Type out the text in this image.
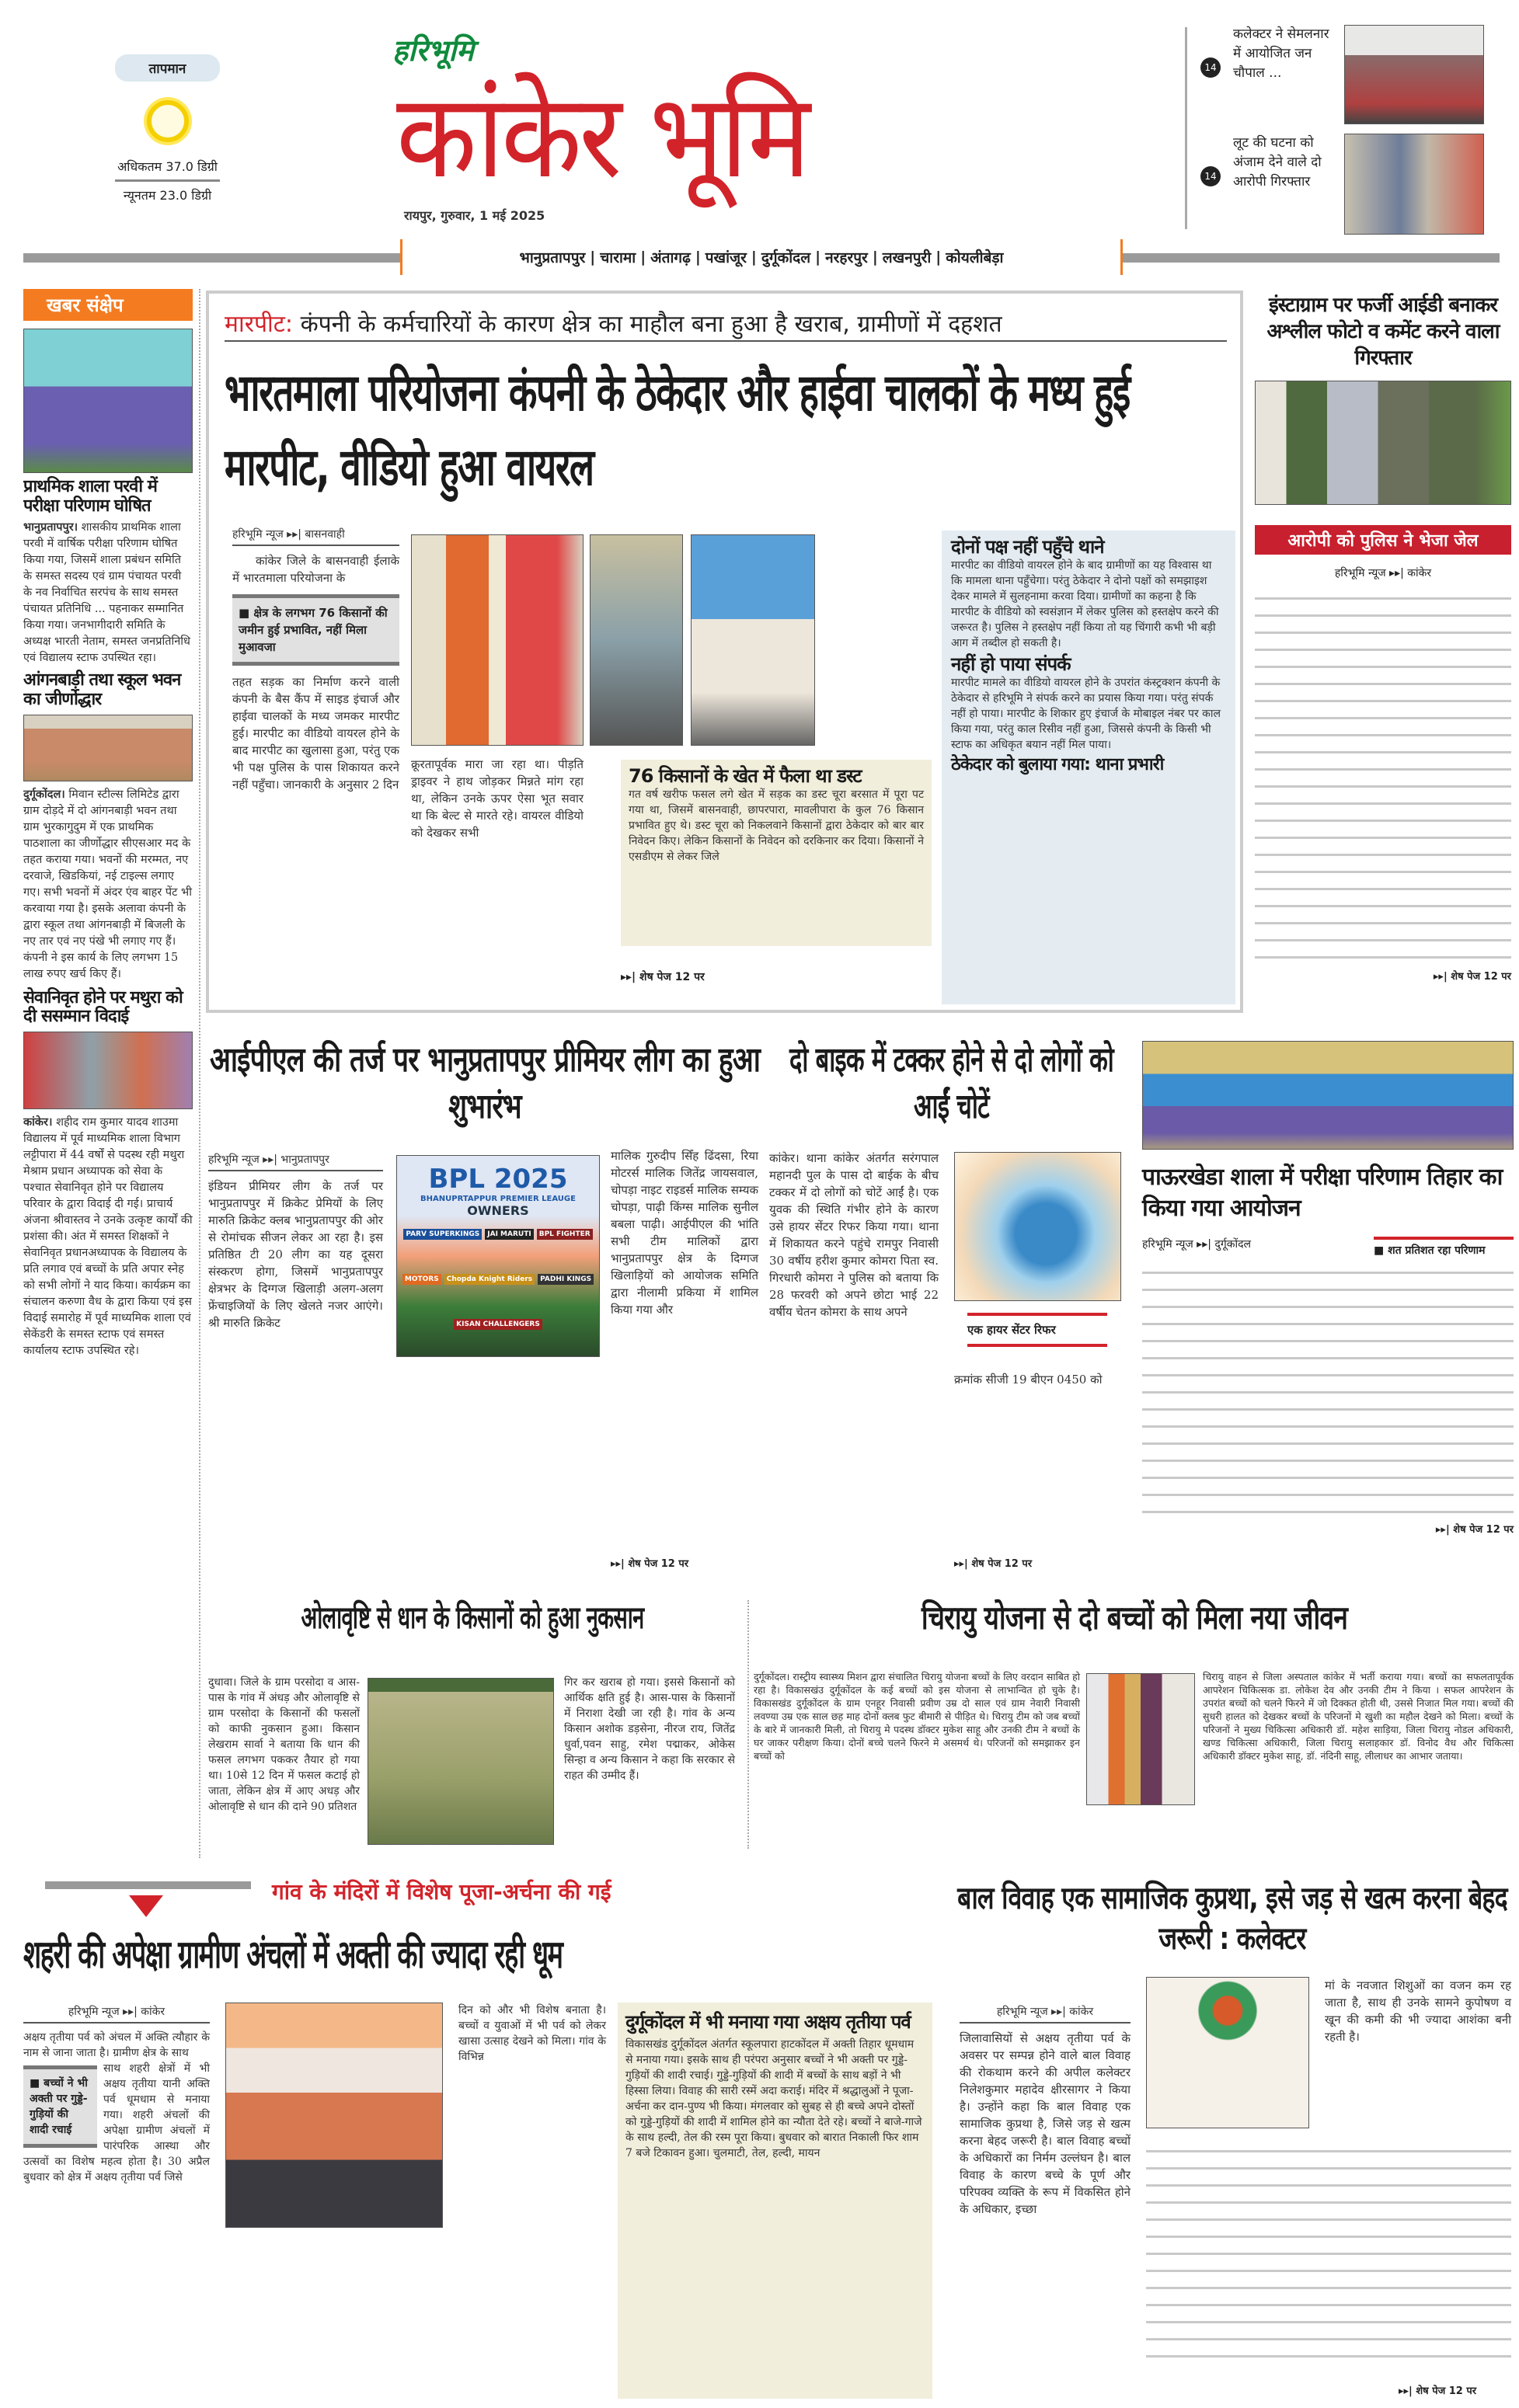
तापमान
अधिकतम 37.0 डिग्री
न्यूनतम 23.0 डिग्री
हरिभूमि
कांकेर भूमि
रायपुर, गुरुवार, 1 मई 2025
14
कलेक्टर ने सेमलनार में आयोजित जन चौपाल ...
14
लूट की घटना को अंजाम देने वाले दो आरोपी गिरफ्तार
भानुप्रतापपुर | चारामा | अंतागढ़ | पखांजूर | दुर्गूकोंदल | नरहरपुर | लखनपुरी | कोयलीबेड़ा
खबर संक्षेप
प्राथमिक शाला परवी में परीक्षा परिणाम घोषित
भानुप्रतापपुर। शासकीय प्राथमिक शाला परवी में वार्षिक परीक्षा परिणाम घोषित किया गया, जिसमें शाला प्रबंधन समिति के समस्त सदस्य एवं ग्राम पंचायत परवी के नव निर्वाचित सरपंच के साथ समस्त पंचायत प्रतिनिधि ... पहनाकर सम्मानित किया गया। जनभागीदारी समिति के अध्यक्ष भारती नेताम, समस्त जनप्रतिनिधि एवं विद्यालय स्टाफ उपस्थित रहा।
आंगनबाड़ी तथा स्कूल भवन का जीर्णोद्धार
दुर्गूकोंदल। मिवान स्टील्स लिमिटेड द्वारा ग्राम दोड़दे में दो आंगनबाड़ी भवन तथा ग्राम भुरकागुदुम में एक प्राथमिक पाठशाला का जीर्णोद्धार सीएसआर मद के तहत कराया गया। भवनों की मरम्मत, नए दरवाजे, खिडकियां, नई टाइल्स लगाए गए। सभी भवनों में अंदर एंव बाहर पेंट भी करवाया गया है। इसके अलावा कंपनी के द्वारा स्कूल तथा आंगनबाड़ी में बिजली के नए तार एवं नए पंखे भी लगाए गए हैं। कंपनी ने इस कार्य के लिए लगभग 15 लाख रुपए खर्च किए हैं।
सेवानिवृत होने पर मथुरा को दी ससम्मान विदाई
कांकेर। शहीद राम कुमार यादव शाउमा विद्यालय में पूर्व माध्यमिक शाला विभाग लट्टीपारा में 44 वर्षों से पदस्थ रही मथुरा मेश्राम प्रधान अध्यापक को सेवा के पश्चात सेवानिवृत होने पर विद्यालय परिवार के द्वारा विदाई दी गई। प्राचार्य अंजना श्रीवास्तव ने उनके उत्कृष्ट कार्यों की प्रशंसा की। अंत में समस्त शिक्षकों ने सेवानिवृत प्रधानअध्यापक के विद्यालय के प्रति लगाव एवं बच्चों के प्रति अपार स्नेह को सभी लोगों ने याद किया। कार्यक्रम का संचालन करुणा वैध के द्वारा किया एवं इस विदाई समारोह में पूर्व माध्यमिक शाला एवं सेकेंडरी के समस्त स्टाफ एवं समस्त कार्यालय स्टाफ उपस्थित रहे।
मारपीट: कंपनी के कर्मचारियों के कारण क्षेत्र का माहौल बना हुआ है खराब, ग्रामीणों में दहशत
भारतमाला परियोजना कंपनी के ठेकेदार और हाईवा चालकों के मध्य हुई मारपीट, वीडियो हुआ वायरल
हरिभूमि न्यूज ▸▸| बासनवाही
कांकेर जिले के बासनवाही ईलाके में भारतमाला परियोजना के
■ क्षेत्र के लगभग 76 किसानों की जमीन हुई प्रभावित, नहीं मिला मुआवजा
तहत सड़क का निर्माण करने वाली कंपनी के बैस कैंप में साइड इंचार्ज और हाईवा चालकों के मध्य जमकर मारपीट हुई। मारपीट का वीडियो वायरल होने के बाद मारपीट का खुलासा हुआ, परंतु एक भी पक्ष पुलिस के पास शिकायत करने नहीं पहुँचा। जानकारी के अनुसार 2 दिन
क्रूरतापूर्वक मारा जा रहा था। पीड़ति ड्राइवर ने हाथ जोड़कर मिन्नते मांग रहा था, लेकिन उनके ऊपर ऐसा भूत सवार था कि बेल्ट से मारते रहे। वायरल वीडियो को देखकर सभी
76 किसानों के खेत में फैला था डस्ट
गत वर्ष खरीफ फसल लगे खेत में सड़क का डस्ट चूरा बरसात में पूरा पट गया था, जिसमें बासनवाही, छापरपारा, मावलीपारा के कुल 76 किसान प्रभावित हुए थे। डस्ट चूरा को निकलवाने किसानों द्वारा ठेकेदार को बार बार निवेदन किए। लेकिन किसानों के निवेदन को दरकिनार कर दिया। किसानों ने एसडीएम से लेकर जिले
▸▸| शेष पेज 12 पर
दोनों पक्ष नहीं पहुँचे थाने
मारपीट का वीडियो वायरल होने के बाद ग्रामीणों का यह विश्वास था कि मामला थाना पहुँचेगा। परंतु ठेकेदार ने दोनो पक्षों को समझाइश देकर मामले में सुलहनामा करवा दिया। ग्रामीणों का कहना है कि मारपीट के वीडियो को स्वसंज्ञान में लेकर पुलिस को हस्तक्षेप करने की जरूरत है। पुलिस ने हस्तक्षेप नहीं किया तो यह चिंगारी कभी भी बड़ी आग में तब्दील हो सकती है।
नहीं हो पाया संपर्क
मारपीट मामले का वीडियो वायरल होने के उपरांत कंस्ट्रक्शन कंपनी के ठेकेदार से हरिभूमि ने संपर्क करने का प्रयास किया गया। परंतु संपर्क नहीं हो पाया। मारपीट के शिकार हुए इंचार्ज के मोबाइल नंबर पर काल किया गया, परंतु काल रिसीव नहीं हुआ, जिससे कंपनी के किसी भी स्टाफ का अधिकृत बयान नहीं मिल पाया।
ठेकेदार को बुलाया गया: थाना प्रभारी
इंस्टाग्राम पर फर्जी आईडी बनाकर अश्लील फोटो व कमेंट करने वाला गिरफ्तार
आरोपी को पुलिस ने भेजा जेल
हरिभूमि न्यूज ▸▸| कांकेर
▸▸| शेष पेज 12 पर
आईपीएल की तर्ज पर भानुप्रतापपुर प्रीमियर लीग का हुआ शुभारंभ
हरिभूमि न्यूज ▸▸| भानुप्रतापपुर
इंडियन प्रीमियर लीग के तर्ज पर भानुप्रतापपुर में क्रिकेट प्रेमियों के लिए मारुति क्रिकेट क्लब भानुप्रतापपुर की ओर से रोमांचक सीजन लेकर आ रहा है। इस प्रतिष्ठित टी 20 लीग का यह दूसरा संस्करण होगा, जिसमें भानुप्रतापपुर क्षेत्रभर के दिग्गज खिलाड़ी अलग-अलग फ्रेंचाइजियों के लिए खेलते नजर आएंगे। श्री मारुति क्रिकेट
BPL 2025
BHANUPRTAPPUR PREMIER LEAUGE
OWNERS
PARV SUPERKINGS	JAI MARUTI	BPL FIGHTER
MOTORS	Chopda Knight Riders	PADHI KINGS
KISAN CHALLENGERS
मालिक गुरुदीप सिँह ढिंदसा, रिया मोटरर्स मालिक जितेंद्र जायसवाल, चोपड़ा नाइट राइडर्स मालिक सम्यक चोपड़ा, पाढ़ी किंग्स मालिक सुनील बबला पाढ़ी। आईपीएल की भांति सभी टीम मालिकों द्वारा भानुप्रतापपुर क्षेत्र के दिग्गज खिलाड़ियों को आयोजक समिति द्वारा नीलामी प्रकिया में शामिल किया गया और
▸▸| शेष पेज 12 पर
दो बाइक में टक्कर होने से दो लोगों को आईं चोटें
कांकेर। थाना कांकेर अंतर्गत सरंगपाल महानदी पुल के पास दो बाईक के बीच टक्कर में दो लोगों को चोटें आईं है। एक युवक की स्थिति गंभीर होने के कारण उसे हायर सेंटर रिफर किया गया। थाना में शिकायत करने पहुंचे रामपुर निवासी 30 वर्षीय हरीश कुमार कोमरा पिता स्व. गिरधारी कोमरा ने पुलिस को बताया कि 28 फरवरी को अपने छोटा भाई 22 वर्षीय चेतन कोमरा के साथ अपने
एक हायर सेंटर रिफर
क्रमांक सीजी 19 बीएन 0450 को
▸▸| शेष पेज 12 पर
पाऊरखेडा शाला में परीक्षा परिणाम तिहार का किया गया आयोजन
हरिभूमि न्यूज ▸▸| दुर्गूकोंदल	■ शत प्रतिशत रहा परिणाम
▸▸| शेष पेज 12 पर
ओलावृष्टि से धान के किसानों को हुआ नुकसान
दुधावा। जिले के ग्राम परसोदा व आस-पास के गांव में अंधड़ और ओलावृष्टि से ग्राम परसोदा के किसानों की फसलों को काफी नुकसान हुआ। किसान लेखराम सार्वा ने बताया कि धान की फसल लगभग पककर तैयार हो गया था। 10से 12 दिन में फसल कटाई हो जाता, लेकिन क्षेत्र में आए अधड़ और ओलावृष्टि से धान की दाने 90 प्रतिशत
गिर कर खराब हो गया। इससे किसानों को आर्थिक क्षति हुई है। आस-पास के किसानों में निराशा देखी जा रही है। गांव के अन्य किसान अशोक डड़सेना, नीरज राय, जितेंद्र धुर्वा,पवन साहु, रमेश पद्माकर, ओकेस सिन्हा व अन्य किसान ने कहा कि सरकार से राहत की उम्मीद हैं।
चिरायु योजना से दो बच्चों को मिला नया जीवन
दुर्गूकोंदल। रास्ट्रीय स्वास्थ्य मिशन द्वारा संचालित चिरायु योजना बच्चों के लिए वरदान साबित हो रहा है। विकासखंउ दुर्गूकोंदल के कई बच्चों को इस योजना से लाभान्वित हो चुके है। विकासखंड दुर्गूकोंदल के ग्राम एनहूर निवासी प्रवीण उम्र दो साल एवं ग्राम नेवारी निवासी लवण्या उम्र एक साल छह माह दोनों क्लब फुट बीमारी से पीड़ित थे। चिरायु टीम को जब बच्चों के बारे में जानकारी मिली, तो चिरायु मे पदस्थ डॉक्टर मुकेश साहू और उनकी टीम ने बच्चों के घर जाकर परीक्षण किया। दोनों बच्चे चलने फिरने मे असमर्थ थे। परिजनों को समझाकर इन बच्चों को
चिरायु वाहन से जिला अस्पताल कांकेर में भर्ती कराया गया। बच्चों का सफलतापूर्वक आपरेशन चिकित्सक डा. लोकेश देव और उनकी टीम ने किया । सफल आपरेशन के उपरांत बच्चों को चलने फिरने में जो दिक्कत होती थी, उससे निजात मिल गया। बच्चों की सुधरी हालत को देखकर बच्चों के परिजनों मे खुशी का महौल देखने को मिला। बच्चों के परिजनों ने मुख्य चिकित्सा अधिकारी डॉ. महेश साड़िया, जिला चिरायु नोडल अधिकारी, खण्ड चिकित्सा अधिकारी, जिला चिरायु सलाहकार डॉ. विनोद वैध और चिकित्सा अधिकारी डॉक्टर मुकेश साहू, डॉ. नंदिनी साहू, लीलाधर का आभार जताया।
गांव के मंदिरों में विशेष पूजा-अर्चना की गई
शहरी की अपेक्षा ग्रामीण अंचलों में अक्ती की ज्यादा रही धूम
हरिभूमि न्यूज ▸▸| कांकेर
अक्षय तृतीया पर्व को अंचल में अक्ति त्यौहार के नाम से जाना जाता है। ग्रामीण क्षेत्र के साथ
■ बच्चों ने भी अक्ती पर गुड्डे-गुड़ियों की शादी रचाई
साथ शहरी क्षेत्रों में भी अक्षय तृतीया यानी अक्ति पर्व धूमधाम से मनाया गया। शहरी अंचलों की अपेक्षा ग्रामीण अंचलों में पारंपरिक आस्था और उत्सवों का विशेष महत्व होता है। 30 अप्रैल बुधवार को क्षेत्र में अक्षय तृतीया पर्व जिसे
दिन को और भी विशेष बनाता है। बच्चों व युवाओं में भी पर्व को लेकर खासा उत्साह देखने को मिला। गांव के विभिन्न
दुर्गूकोंदल में भी मनाया गया अक्षय तृतीया पर्व
विकासखंड दुर्गूकोंदल अंतर्गत स्कूलपारा हाटकोंदल में अक्ती तिहार धूमधाम से मनाया गया। इसके साथ ही परंपरा अनुसार बच्चों ने भी अक्ती पर गुड्डे-गुड़ियों की शादी रचाई। गुड्डे-गुड़ियों की शादी में बच्चों के साथ बड़ों ने भी हिस्सा लिया। विवाह की सारी रस्में अदा कराई। मंदिर में श्रद्धालुओं ने पूजा-अर्चना कर दान-पुण्य भी किया। मंगलवार को सुबह से ही बच्चे अपने दोस्तों को गुड्डे-गुड़ियों की शादी में शामिल होने का न्यौता देते रहे। बच्चों ने बाजे-गाजे के साथ हल्दी, तेल की रस्म पूरा किया। बुधवार को बारात निकाली फिर शाम 7 बजे टिकावन हुआ। चुलमाटी, तेल, हल्दी, मायन
बाल विवाह एक सामाजिक कुप्रथा, इसे जड़ से खत्म करना बेहद जरूरी : कलेक्टर
हरिभूमि न्यूज ▸▸| कांकेर
जिलावासियों से अक्षय तृतीया पर्व के अवसर पर सम्पन्न होने वाले बाल विवाह की रोकथाम करने की अपील कलेक्टर निलेशकुमार महादेव क्षीरसागर ने किया है। उन्होंने कहा कि बाल विवाह एक सामाजिक कुप्रथा है, जिसे जड़ से खत्म करना बेहद जरूरी है। बाल विवाह बच्चों के अधिकारों का निर्मम उल्लंघन है। बाल विवाह के कारण बच्चे के पूर्ण और परिपक्व व्यक्ति के रूप में विकसित होने के अधिकार, इच्छा
मां के नवजात शिशुओं का वजन कम रह जाता है, साथ ही उनके सामने कुपोषण व खून की कमी की भी ज्यादा आशंका बनी रहती है।
▸▸| शेष पेज 12 पर
